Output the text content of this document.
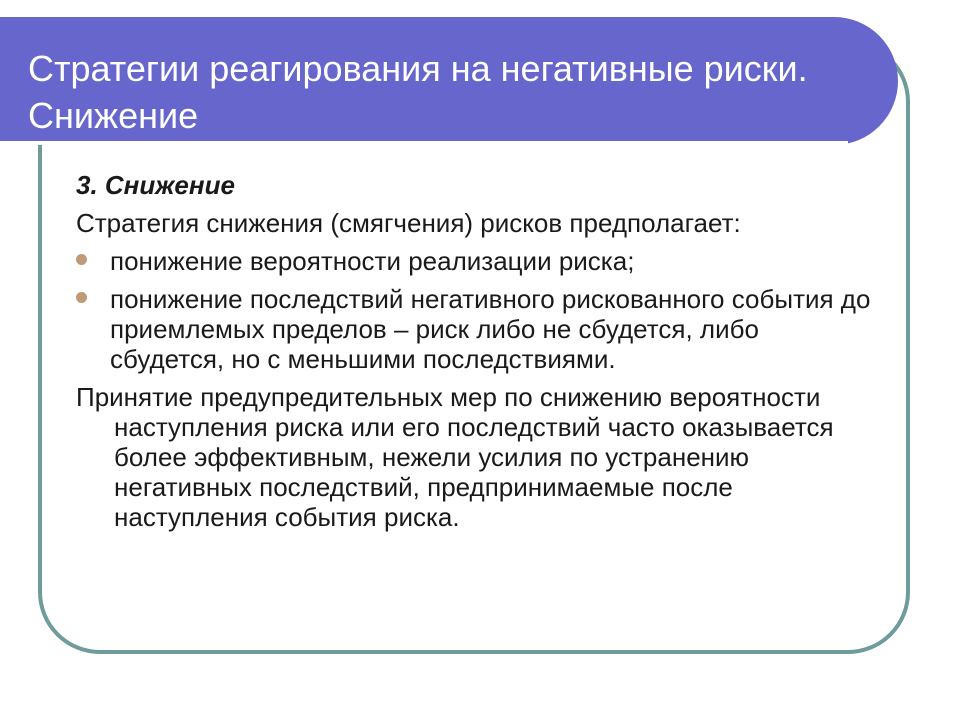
Стратегии реагирования на негативные риски. Снижение

3. Снижение

Стратегия снижения (смягчения) рисков предполагает:

понижение вероятности реализации риска;
понижение последствий негативного рискованного события до приемлемых пределов – риск либо не сбудется, либо сбудется, но с меньшими последствиями.

Принятие предупредительных мер по снижению вероятности наступления риска или его последствий часто оказывается более эффективным, нежели усилия по устранению негативных последствий, предпринимаемые после наступления события риска.
